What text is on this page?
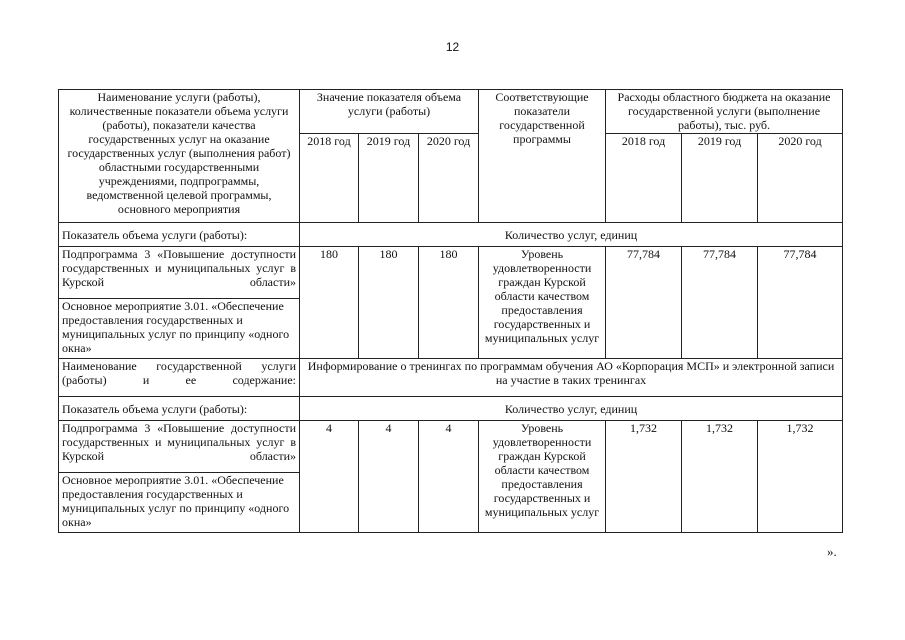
12
Наименование услуги (работы), количественные показатели объема услуги (работы), показатели качества государственных услуг на оказание государственных услуг (выполнения работ) областными государственными учреждениями, подпрограммы, ведомственной целевой программы, основного мероприятия	Значение показателя объема услуги (работы)			Соответствующие показатели государственной программы	Расходы областного бюджета на оказание государственной услуги (выполнение работы), тыс. руб.		
	2018 год	2019 год	2020 год		2018 год	2019 год	2020 год
Показатель объема услуги (работы):	Количество услуг, единиц						
Подпрограмма 3 «Повышение доступности государственных и муниципальных услуг в Курской области»	180	180	180	Уровень удовлетворенности граждан Курской области качеством предоставления государственных и муниципальных услуг	77,784	77,784	77,784
Основное мероприятие 3.01. «Обеспечение предоставления государственных и муниципальных услуг по принципу «одного окна»							
Наименование государственной услуги (работы) и ее содержание:	Информирование о тренингах по программам обучения АО «Корпорация МСП» и электронной записи на участие в таких тренингах						
Показатель объема услуги (работы):	Количество услуг, единиц						
Подпрограмма 3 «Повышение доступности государственных и муниципальных услуг в Курской области»	4	4	4	Уровень удовлетворенности граждан Курской области качеством предоставления государственных и муниципальных услуг	1,732	1,732	1,732
Основное мероприятие 3.01. «Обеспечение предоставления государственных и муниципальных услуг по принципу «одного окна»							
».
